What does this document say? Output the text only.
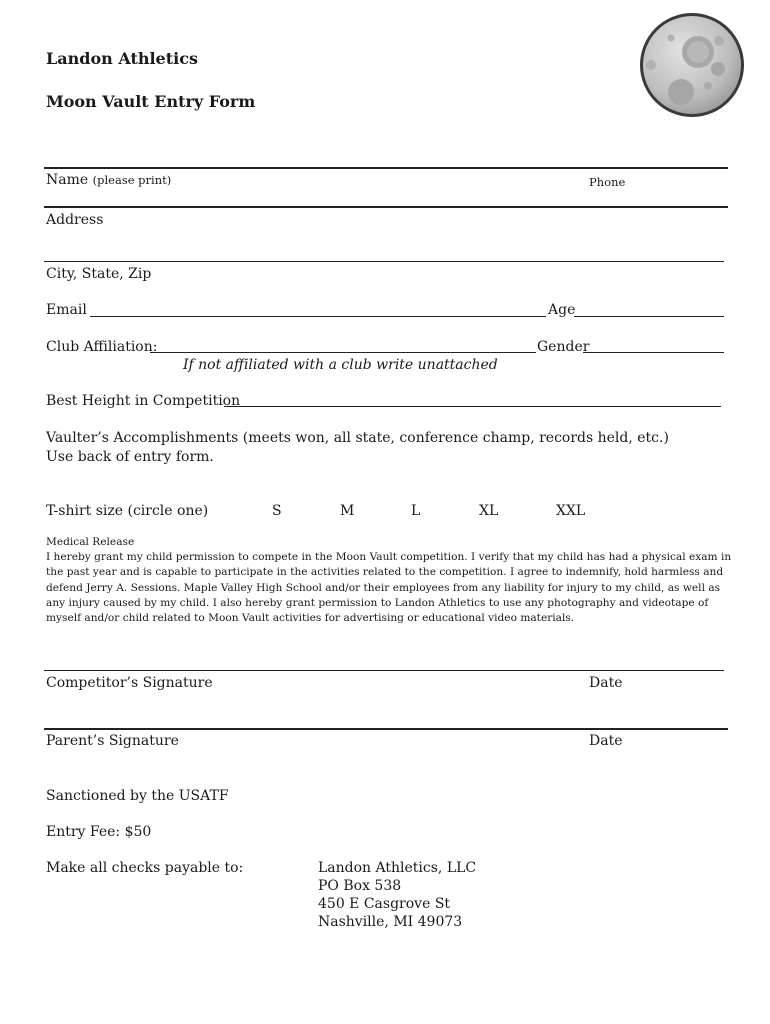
Landon Athletics
Moon Vault Entry Form
Name (please print)	Phone
Address
City, State, Zip
Email	Age
Club Affiliation:	Gender
If not affiliated with a club write unattached
Best Height in Competition
Vaulter’s Accomplishments (meets won, all state, conference champ, records held, etc.)
Use back of entry form.
T-shirt size (circle one)	S	M	L	XL	XXL

Medical Release

I hereby grant my child permission to compete in the Moon Vault competition. I verify that my child has had a physical exam in

the past year and is capable to participate in the activities related to the competition. I agree to indemnify, hold harmless and

defend Jerry A. Sessions. Maple Valley High School and/or their employees from any liability for injury to my child, as well as

any injury caused by my child. I also hereby grant permission to Landon Athletics to use any photography and videotape of

myself and/or child related to Moon Vault activities for advertising or educational video materials.

Competitor’s Signature	Date
Parent’s Signature	Date
Sanctioned by the USATF
Entry Fee: $50
Make all checks payable to:	Landon Athletics, LLC
PO Box 538
450 E Casgrove St
Nashville, MI 49073
